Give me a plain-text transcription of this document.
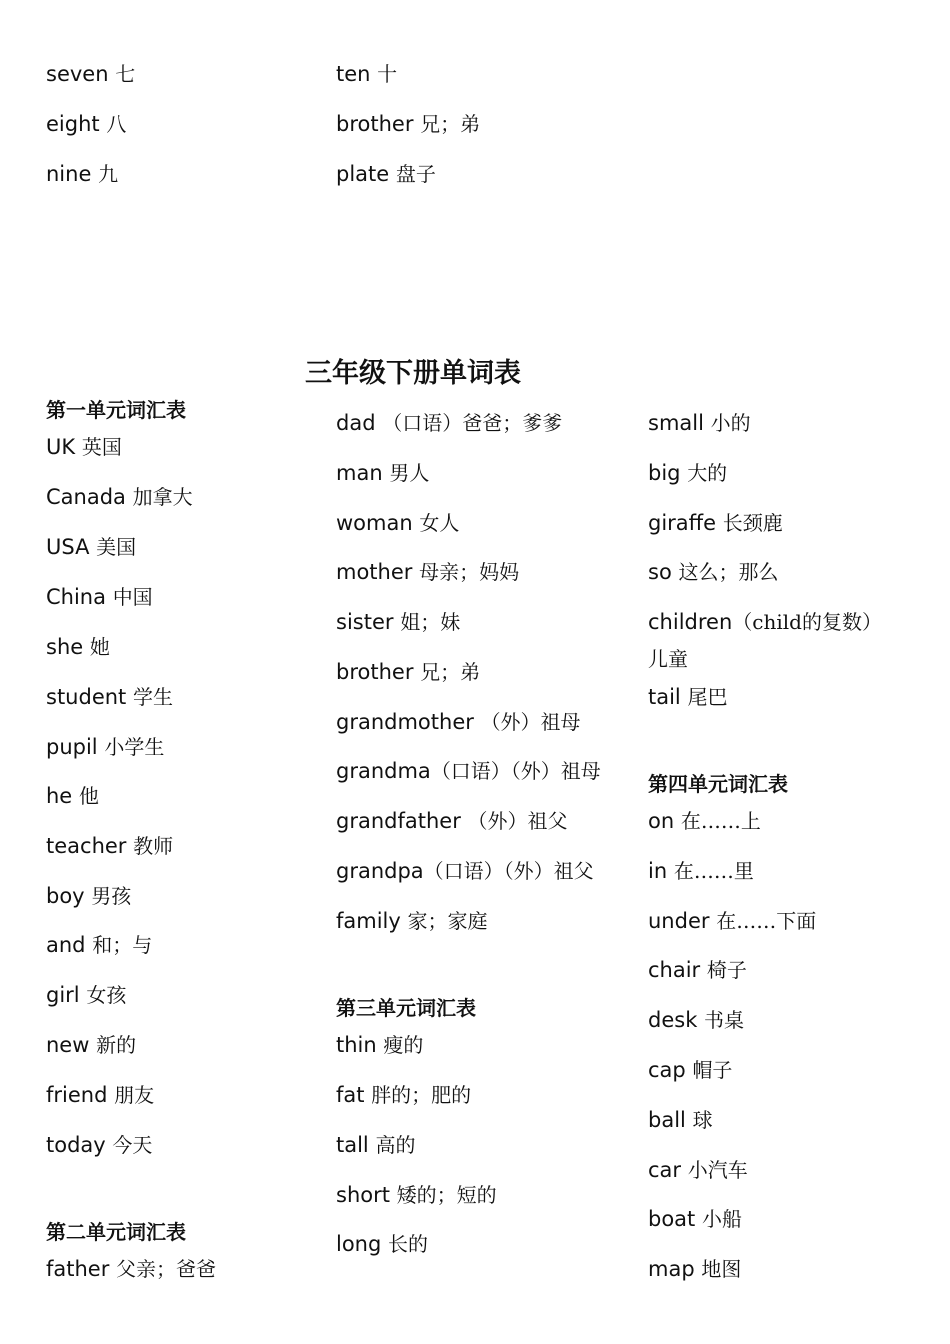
seven 七
eight 八
nine 九
ten 十
brother 兄；弟
plate 盘子
三年级下册单词表
第一单元词汇表
UK 英国
Canada 加拿大
USA 美国
China 中国
she 她
student 学生
pupil 小学生
he 他
teacher 教师
boy 男孩
and 和；与
girl 女孩
new 新的
friend 朋友
today 今天
第二单元词汇表
father 父亲；爸爸
dad （口语）爸爸；爹爹
man 男人
woman 女人
mother 母亲；妈妈
sister 姐；妹
brother 兄；弟
grandmother （外）祖母
grandma（口语）（外）祖母
grandfather （外）祖父
grandpa（口语）（外）祖父
family 家；家庭
第三单元词汇表
thin 瘦的
fat 胖的；肥的
tall 高的
short 矮的；短的
long 长的
small 小的
big 大的
giraffe 长颈鹿
so 这么；那么
children（child的复数）
儿童
tail 尾巴
第四单元词汇表
on 在……上
in 在……里
under 在……下面
chair 椅子
desk 书桌
cap 帽子
ball 球
car 小汽车
boat 小船
map 地图
